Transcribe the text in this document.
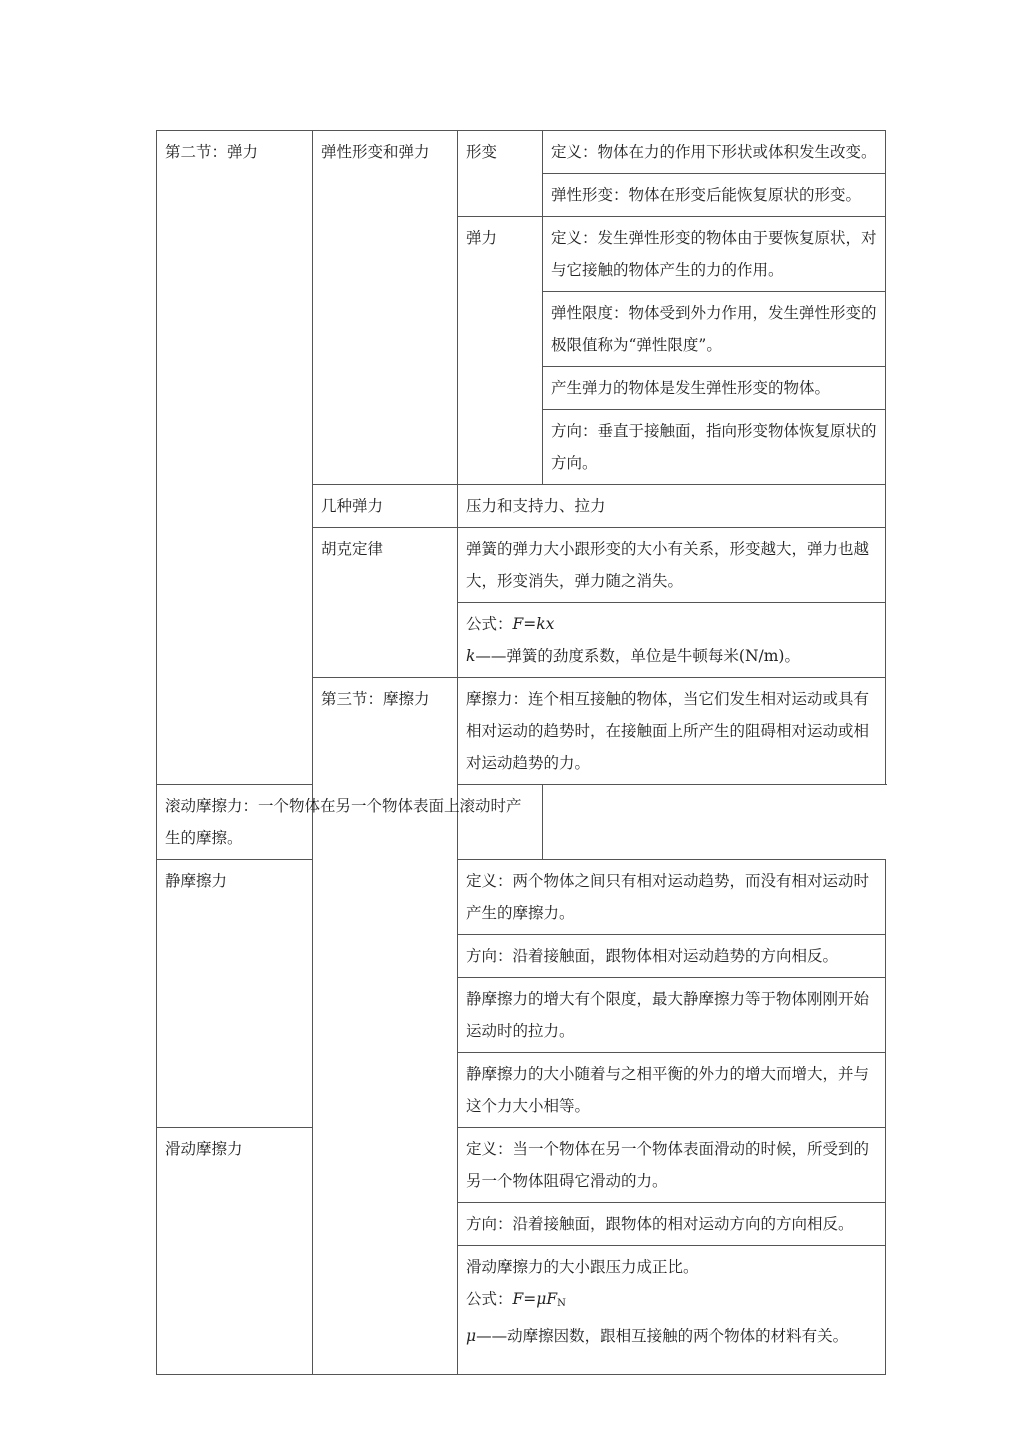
第二节：弹力	弹性形变和弹力	形变	定义：物体在力的作用下形状或体积发生改变。
			弹性形变：物体在形变后能恢复原状的形变。
		弹力	定义：发生弹性形变的物体由于要恢复原状，对与它接触的物体产生的力的作用。
			弹性限度：物体受到外力作用，发生弹性形变的极限值称为“弹性限度”。
			产生弹力的物体是发生弹性形变的物体。
			方向：垂直于接触面，指向形变物体恢复原状的方向。
	几种弹力	压力和支持力、拉力	
	胡克定律	弹簧的弹力大小跟形变的大小有关系，形变越大，弹力也越大，形变消失，弹力随之消失。	

		公式：F=kx
k——弹簧的劲度系数，单位是牛顿每米(N/m)。	

	第三节：摩擦力	摩擦力：连个相互接触的物体，当它们发生相对运动或具有相对运动的趋势时，在接触面上所产生的阻碍相对运动或相对运动趋势的力。	
滚动摩擦力：一个物体在另一个物体表面上滚动时产生的摩擦。			
静摩擦力		定义：两个物体之间只有相对运动趋势，而没有相对运动时产生的摩擦力。	
		方向：沿着接触面，跟物体相对运动趋势的方向相反。	
		静摩擦力的增大有个限度，最大静摩擦力等于物体刚刚开始运动时的拉力。	
		静摩擦力的大小随着与之相平衡的外力的增大而增大，并与这个力大小相等。	
滑动摩擦力		定义：当一个物体在另一个物体表面滑动的时候，所受到的另一个物体阻碍它滑动的力。	
		方向：沿着接触面，跟物体的相对运动方向的方向相反。	

		滑动摩擦力的大小跟压力成正比。
公式：$F=\mu F_N$
μ——动摩擦因数，跟相互接触的两个物体的材料有关。	
